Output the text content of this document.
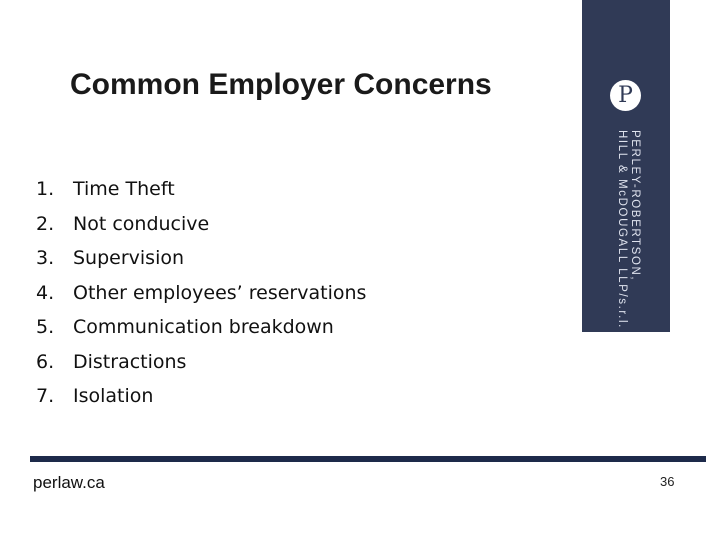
Common Employer Concerns	P
PERLEY-ROBERTSON,
HILL & McDOUGALL LLP/s.r.l.
1. Time Theft
2. Not conducive
3. Supervision
4. Other employees’ reservations
5. Communication breakdown
6. Distractions
7. Isolation
perlaw.ca	36
